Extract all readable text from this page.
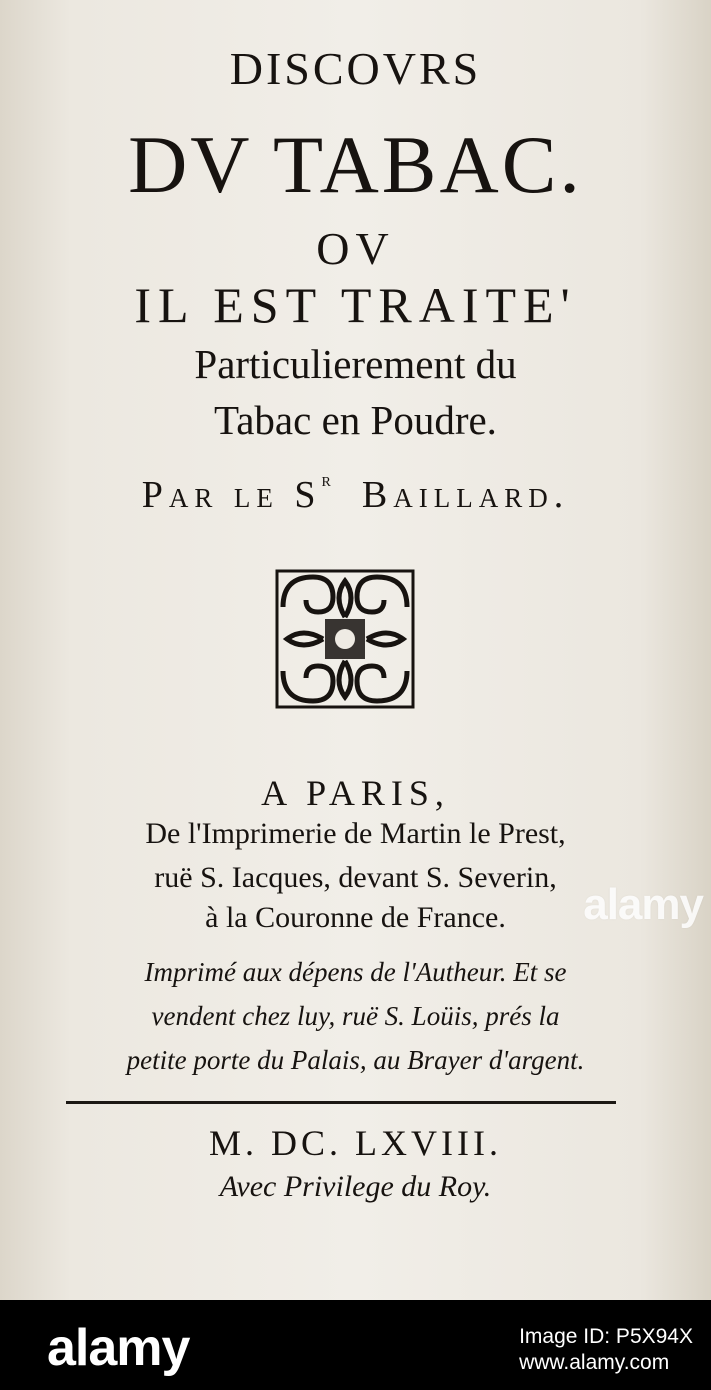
DISCOVRS
DV TABAC.
OV
IL EST TRAITE'
Particulierement du
Tabac en Poudre.
Par le $S^r$ Baillard.
A PARIS,
De l'Imprimerie de Martin le Prest,
ruë S. Iacques, devant S. Severin,
à la Couronne de France.
Imprimé aux dépens de l'Autheur. Et se
vendent chez luy, ruë S. Loüis, prés la
petite porte du Palais, au Brayer d'argent.
M. DC. LXVIII.
Avec Privilege du Roy.
alamy
alamy	Image ID: P5X94X
www.alamy.com
